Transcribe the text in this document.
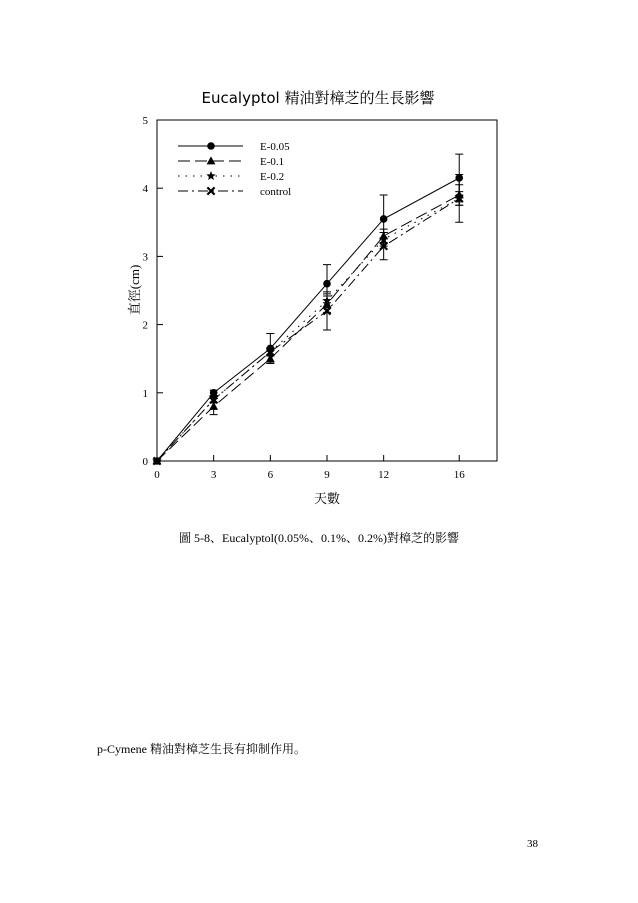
Eucalyptol 精油對樟芝的生長影響
0	3	6	9	12	16
0
1
2
3
4
5
E-0.05
E-0.1
E-0.2
control
天數
直徑(cm)
圖 5-8、Eucalyptol(0.05%、0.1%、0.2%)對樟芝的影響
p-Cymene 精油對樟芝生長有抑制作用。
38
